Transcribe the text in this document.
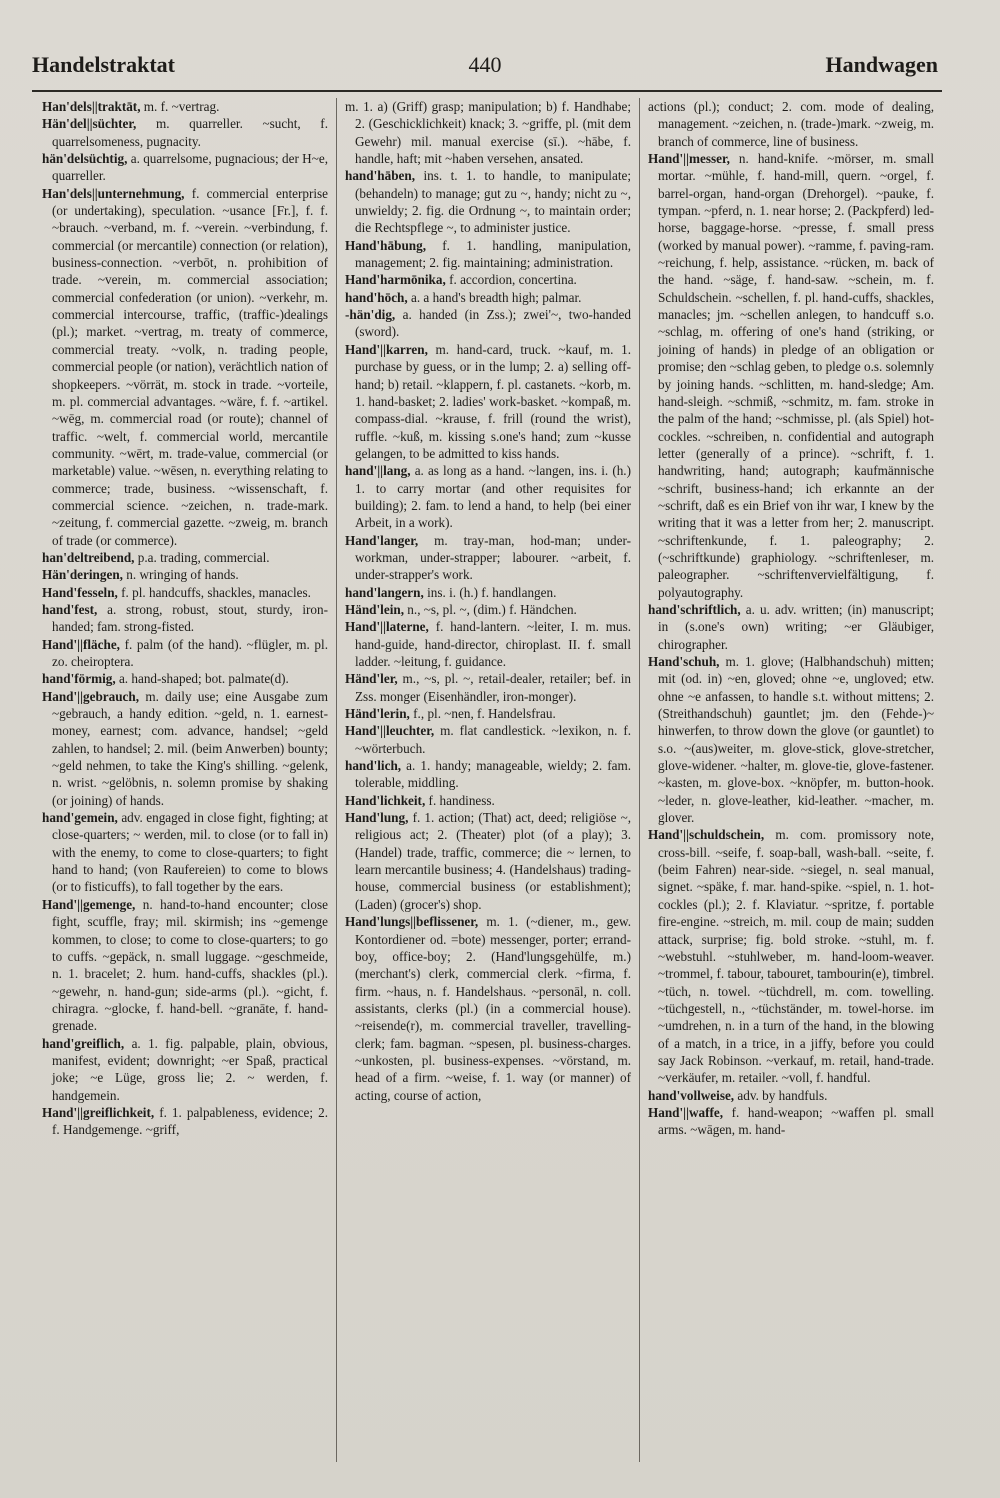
Handelstraktat	440	Handwagen

Han'dels||traktāt, m. f. ~vertrag.

Hän'del||süchter, m. quarreller. ~sucht, f. quarrelsomeness, pugnacity.

hän'delsüchtig, a. quarrelsome, pugnacious; der H~e, quarreller.

Han'dels||unternehmung, f. commercial enterprise (or undertaking), speculation. ~usance [Fr.], f. f. ~brauch. ~verband, m. f. ~verein. ~verbindung, f. commercial (or mercantile) connection (or relation), business-connection. ~verbōt, n. prohibition of trade. ~verein, m. commercial association; commercial confederation (or union). ~verkehr, m. commercial intercourse, traffic, (traffic-)dealings (pl.); market. ~vertrag, m. treaty of commerce, commercial treaty. ~volk, n. trading people, commercial people (or nation), verächtlich nation of shopkeepers. ~vörrät, m. stock in trade. ~vorteile, m. pl. commercial advantages. ~wäre, f. f. ~artikel. ~wēg, m. commercial road (or route); channel of traffic. ~welt, f. commercial world, mercantile community. ~wērt, m. trade-value, commercial (or marketable) value. ~wēsen, n. everything relating to commerce; trade, business. ~wissenschaft, f. commercial science. ~zeichen, n. trade-mark. ~zeitung, f. commercial gazette. ~zweig, m. branch of trade (or commerce).

han'deltreibend, p.a. trading, commercial.

Hän'deringen, n. wringing of hands.

Hand'fesseln, f. pl. handcuffs, shackles, manacles.

hand'fest, a. strong, robust, stout, sturdy, iron-handed; fam. strong-fisted.

Hand'||fläche, f. palm (of the hand). ~flügler, m. pl. zo. cheiroptera.

hand'förmig, a. hand-shaped; bot. palmate(d).

Hand'||gebrauch, m. daily use; eine Ausgabe zum ~gebrauch, a handy edition. ~geld, n. 1. earnest-money, earnest; com. advance, handsel; ~geld zahlen, to handsel; 2. mil. (beim Anwerben) bounty; ~geld nehmen, to take the King's shilling. ~gelenk, n. wrist. ~gelöbnis, n. solemn promise by shaking (or joining) of hands.

hand'gemein, adv. engaged in close fight, fighting; at close-quarters; ~ werden, mil. to close (or to fall in) with the enemy, to come to close-quarters; to fight hand to hand; (von Raufereien) to come to blows (or to fisticuffs), to fall together by the ears.

Hand'||gemenge, n. hand-to-hand encounter; close fight, scuffle, fray; mil. skirmish; ins ~gemenge kommen, to close; to come to close-quarters; to go to cuffs. ~gepäck, n. small luggage. ~geschmeide, n. 1. bracelet; 2. hum. hand-cuffs, shackles (pl.). ~gewehr, n. hand-gun; side-arms (pl.). ~gicht, f. chiragra. ~glocke, f. hand-bell. ~granāte, f. hand-grenade.

hand'greiflich, a. 1. fig. palpable, plain, obvious, manifest, evident; downright; ~er Spaß, practical joke; ~e Lüge, gross lie; 2. ~ werden, f. handgemein.

Hand'||greiflichkeit, f. 1. palpableness, evidence; 2. f. Handgemenge. ~griff,

m. 1. a) (Griff) grasp; manipulation; b) f. Handhabe; 2. (Geschicklichkeit) knack; 3. ~griffe, pl. (mit dem Gewehr) mil. manual exercise (sī.). ~hābe, f. handle, haft; mit ~haben versehen, ansated.

hand'hāben, ins. t. 1. to handle, to manipulate; (behandeln) to manage; gut zu ~, handy; nicht zu ~, unwieldy; 2. fig. die Ordnung ~, to maintain order; die Rechtspflege ~, to administer justice.

Hand'hābung, f. 1. handling, manipulation, management; 2. fig. maintaining; administration.

Hand'harmōnika, f. accordion, concertina.

hand'hōch, a. a hand's breadth high; palmar.

-hän'dig, a. handed (in Zss.); zwei'~, two-handed (sword).

Hand'||karren, m. hand-card, truck. ~kauf, m. 1. purchase by guess, or in the lump; 2. a) selling off-hand; b) retail. ~klappern, f. pl. castanets. ~korb, m. 1. hand-basket; 2. ladies' work-basket. ~kompaß, m. compass-dial. ~krause, f. frill (round the wrist), ruffle. ~kuß, m. kissing s.one's hand; zum ~kusse gelangen, to be admitted to kiss hands.

hand'||lang, a. as long as a hand. ~langen, ins. i. (h.) 1. to carry mortar (and other requisites for building); 2. fam. to lend a hand, to help (bei einer Arbeit, in a work).

Hand'langer, m. tray-man, hod-man; under-workman, under-strapper; labourer. ~arbeit, f. under-strapper's work.

hand'langern, ins. i. (h.) f. handlangen.

Händ'lein, n., ~s, pl. ~, (dim.) f. Händchen.

Hand'||laterne, f. hand-lantern. ~leiter, I. m. mus. hand-guide, hand-director, chiroplast. II. f. small ladder. ~leitung, f. guidance.

Händ'ler, m., ~s, pl. ~, retail-dealer, retailer; bef. in Zss. monger (Eisenhändler, iron-monger).

Händ'lerin, f., pl. ~nen, f. Handelsfrau.

Hand'||leuchter, m. flat candlestick. ~lexikon, n. f. ~wörterbuch.

hand'lich, a. 1. handy; manageable, wieldy; 2. fam. tolerable, middling.

Hand'lichkeit, f. handiness.

Hand'lung, f. 1. action; (That) act, deed; religiöse ~, religious act; 2. (Theater) plot (of a play); 3. (Handel) trade, traffic, commerce; die ~ lernen, to learn mercantile business; 4. (Handelshaus) trading-house, commercial business (or establishment); (Laden) (grocer's) shop.

Hand'lungs||beflissener, m. 1. (~diener, m., gew. Kontordiener od. =bote) messenger, porter; errand-boy, office-boy; 2. (Hand'lungsgehülfe, m.) (merchant's) clerk, commercial clerk. ~firma, f. firm. ~haus, n. f. Handelshaus. ~personāl, n. coll. assistants, clerks (pl.) (in a commercial house). ~reisende(r), m. commercial traveller, travelling-clerk; fam. bagman. ~spesen, pl. business-charges. ~unkosten, pl. business-expenses. ~vörstand, m. head of a firm. ~weise, f. 1. way (or manner) of acting, course of action,

actions (pl.); conduct; 2. com. mode of dealing, management. ~zeichen, n. (trade-)mark. ~zweig, m. branch of commerce, line of business.

Hand'||messer, n. hand-knife. ~mörser, m. small mortar. ~mühle, f. hand-mill, quern. ~orgel, f. barrel-organ, hand-organ (Drehorgel). ~pauke, f. tympan. ~pferd, n. 1. near horse; 2. (Packpferd) led-horse, baggage-horse. ~presse, f. small press (worked by manual power). ~ramme, f. paving-ram. ~reichung, f. help, assistance. ~rücken, m. back of the hand. ~säge, f. hand-saw. ~schein, m. f. Schuldschein. ~schellen, f. pl. hand-cuffs, shackles, manacles; jm. ~schellen anlegen, to handcuff s.o. ~schlag, m. offering of one's hand (striking, or joining of hands) in pledge of an obligation or promise; den ~schlag geben, to pledge o.s. solemnly by joining hands. ~schlitten, m. hand-sledge; Am. hand-sleigh. ~schmiß, ~schmitz, m. fam. stroke in the palm of the hand; ~schmisse, pl. (als Spiel) hot-cockles. ~schreiben, n. confidential and autograph letter (generally of a prince). ~schrift, f. 1. handwriting, hand; autograph; kaufmännische ~schrift, business-hand; ich erkannte an der ~schrift, daß es ein Brief von ihr war, I knew by the writing that it was a letter from her; 2. manuscript. ~schriftenkunde, f. 1. paleography; 2. (~schriftkunde) graphiology. ~schriftenleser, m. paleographer. ~schriftenvervielfältigung, f. polyautography.

hand'schriftlich, a. u. adv. written; (in) manuscript; in (s.one's own) writing; ~er Gläubiger, chirographer.

Hand'schuh, m. 1. glove; (Halbhandschuh) mitten; mit (od. in) ~en, gloved; ohne ~e, ungloved; etw. ohne ~e anfassen, to handle s.t. without mittens; 2. (Streithandschuh) gauntlet; jm. den (Fehde-)~ hinwerfen, to throw down the glove (or gauntlet) to s.o. ~(aus)weiter, m. glove-stick, glove-stretcher, glove-widener. ~halter, m. glove-tie, glove-fastener. ~kasten, m. glove-box. ~knöpfer, m. button-hook. ~leder, n. glove-leather, kid-leather. ~macher, m. glover.

Hand'||schuldschein, m. com. promissory note, cross-bill. ~seife, f. soap-ball, wash-ball. ~seite, f. (beim Fahren) near-side. ~siegel, n. seal manual, signet. ~späke, f. mar. hand-spike. ~spiel, n. 1. hot-cockles (pl.); 2. f. Klaviatur. ~spritze, f. portable fire-engine. ~streich, m. mil. coup de main; sudden attack, surprise; fig. bold stroke. ~stuhl, m. f. ~webstuhl. ~stuhlweber, m. hand-loom-weaver. ~trommel, f. tabour, tabouret, tambourin(e), timbrel. ~tüch, n. towel. ~tüchdrell, m. com. towelling. ~tüchgestell, n., ~tüchständer, m. towel-horse. im ~umdrehen, n. in a turn of the hand, in the blowing of a match, in a trice, in a jiffy, before you could say Jack Robinson. ~verkauf, m. retail, hand-trade. ~verkäufer, m. retailer. ~voll, f. handful.

hand'vollweise, adv. by handfuls.

Hand'||waffe, f. hand-weapon; ~waffen pl. small arms. ~wāgen, m. hand-
